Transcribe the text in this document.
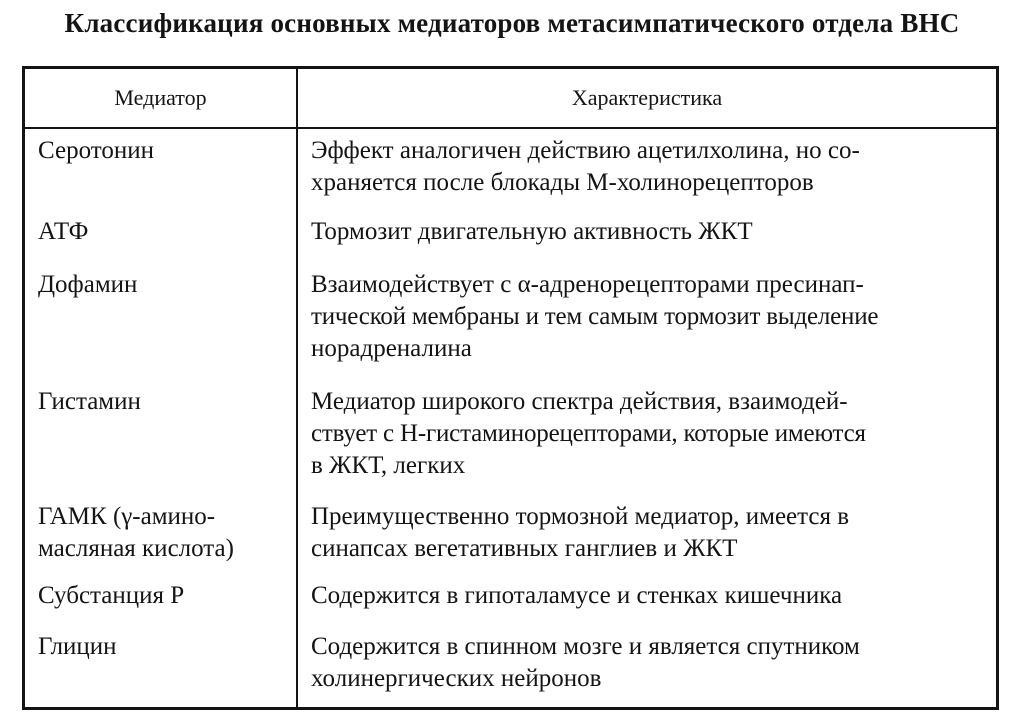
Классификация основных медиаторов метасимпатического отдела ВНС
Медиатор	Характеристика

Серотонин	Эффект аналогичен действию ацетилхолина, но со-
храняется после блокады М-холинорецепторов

АТФ	Тормозит двигательную активность ЖКТ

Дофамин	Взаимодействует с α-адренорецепторами пресинап-
тической мембраны и тем самым тормозит выделение
норадреналина

Гистамин	Медиатор широкого спектра действия, взаимодей-
ствует с Н-гистаминорецепторами, которые имеются
в ЖКТ, легких

ГАМК (γ-амино-
масляная кислота)	Преимущественно тормозной медиатор, имеется в
синапсах вегетативных ганглиев и ЖКТ

Субстанция Р	Содержится в гипоталамусе и стенках кишечника

Глицин	Содержится в спинном мозге и является спутником
холинергических нейронов
